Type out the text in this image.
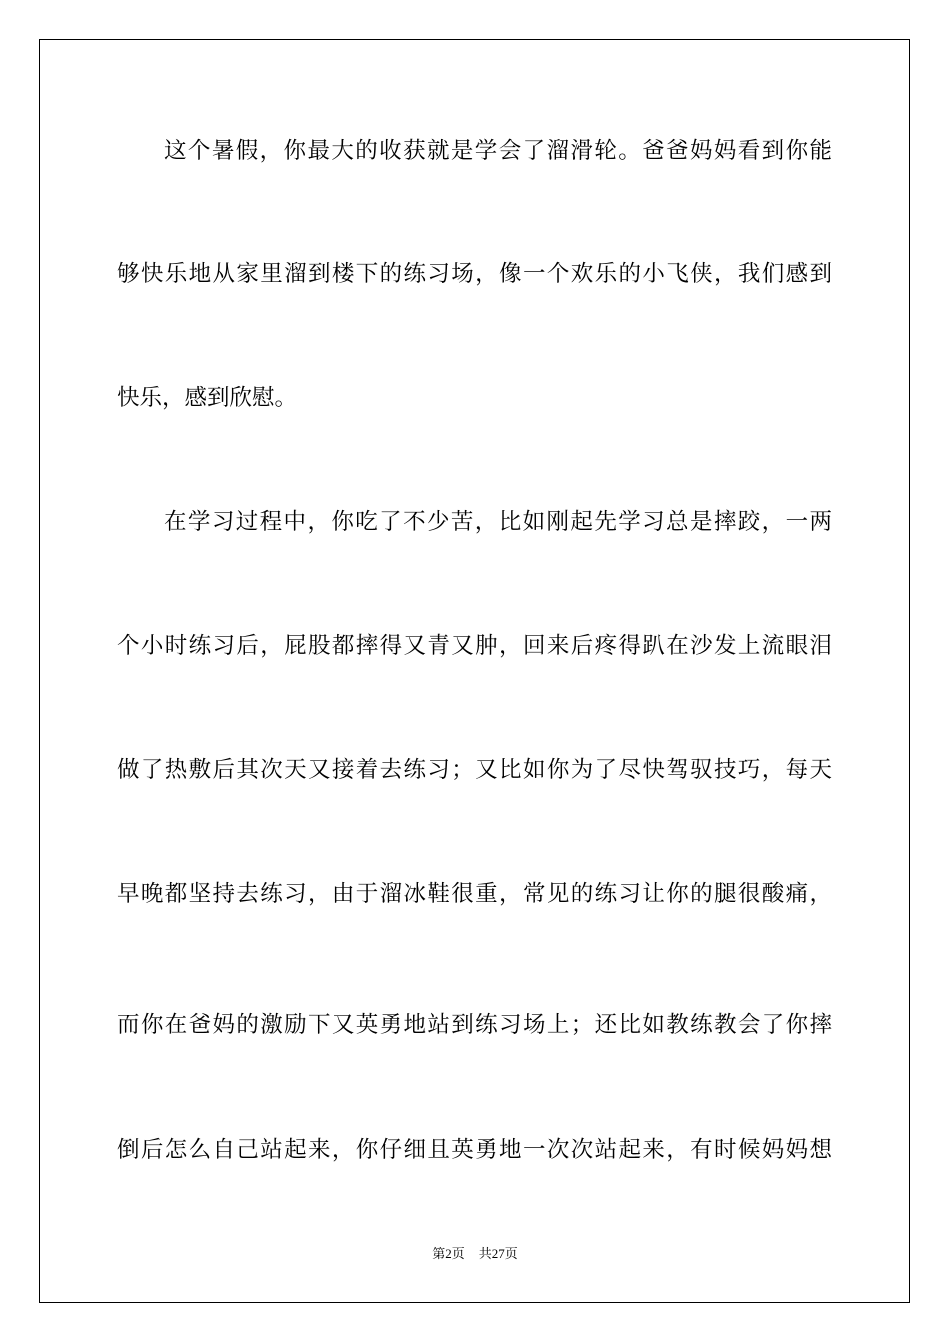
这个暑假，你最大的收获就是学会了溜滑轮。爸爸妈妈看到你能
够快乐地从家里溜到楼下的练习场，像一个欢乐的小飞侠，我们感到
快乐，感到欣慰。
在学习过程中，你吃了不少苦，比如刚起先学习总是摔跤，一两
个小时练习后，屁股都摔得又青又肿，回来后疼得趴在沙发上流眼泪
做了热敷后其次天又接着去练习；又比如你为了尽快驾驭技巧，每天
早晚都坚持去练习，由于溜冰鞋很重，常见的练习让你的腿很酸痛，
而你在爸妈的激励下又英勇地站到练习场上；还比如教练教会了你摔
倒后怎么自己站起来，你仔细且英勇地一次次站起来，有时候妈妈想
第2页 共27页
